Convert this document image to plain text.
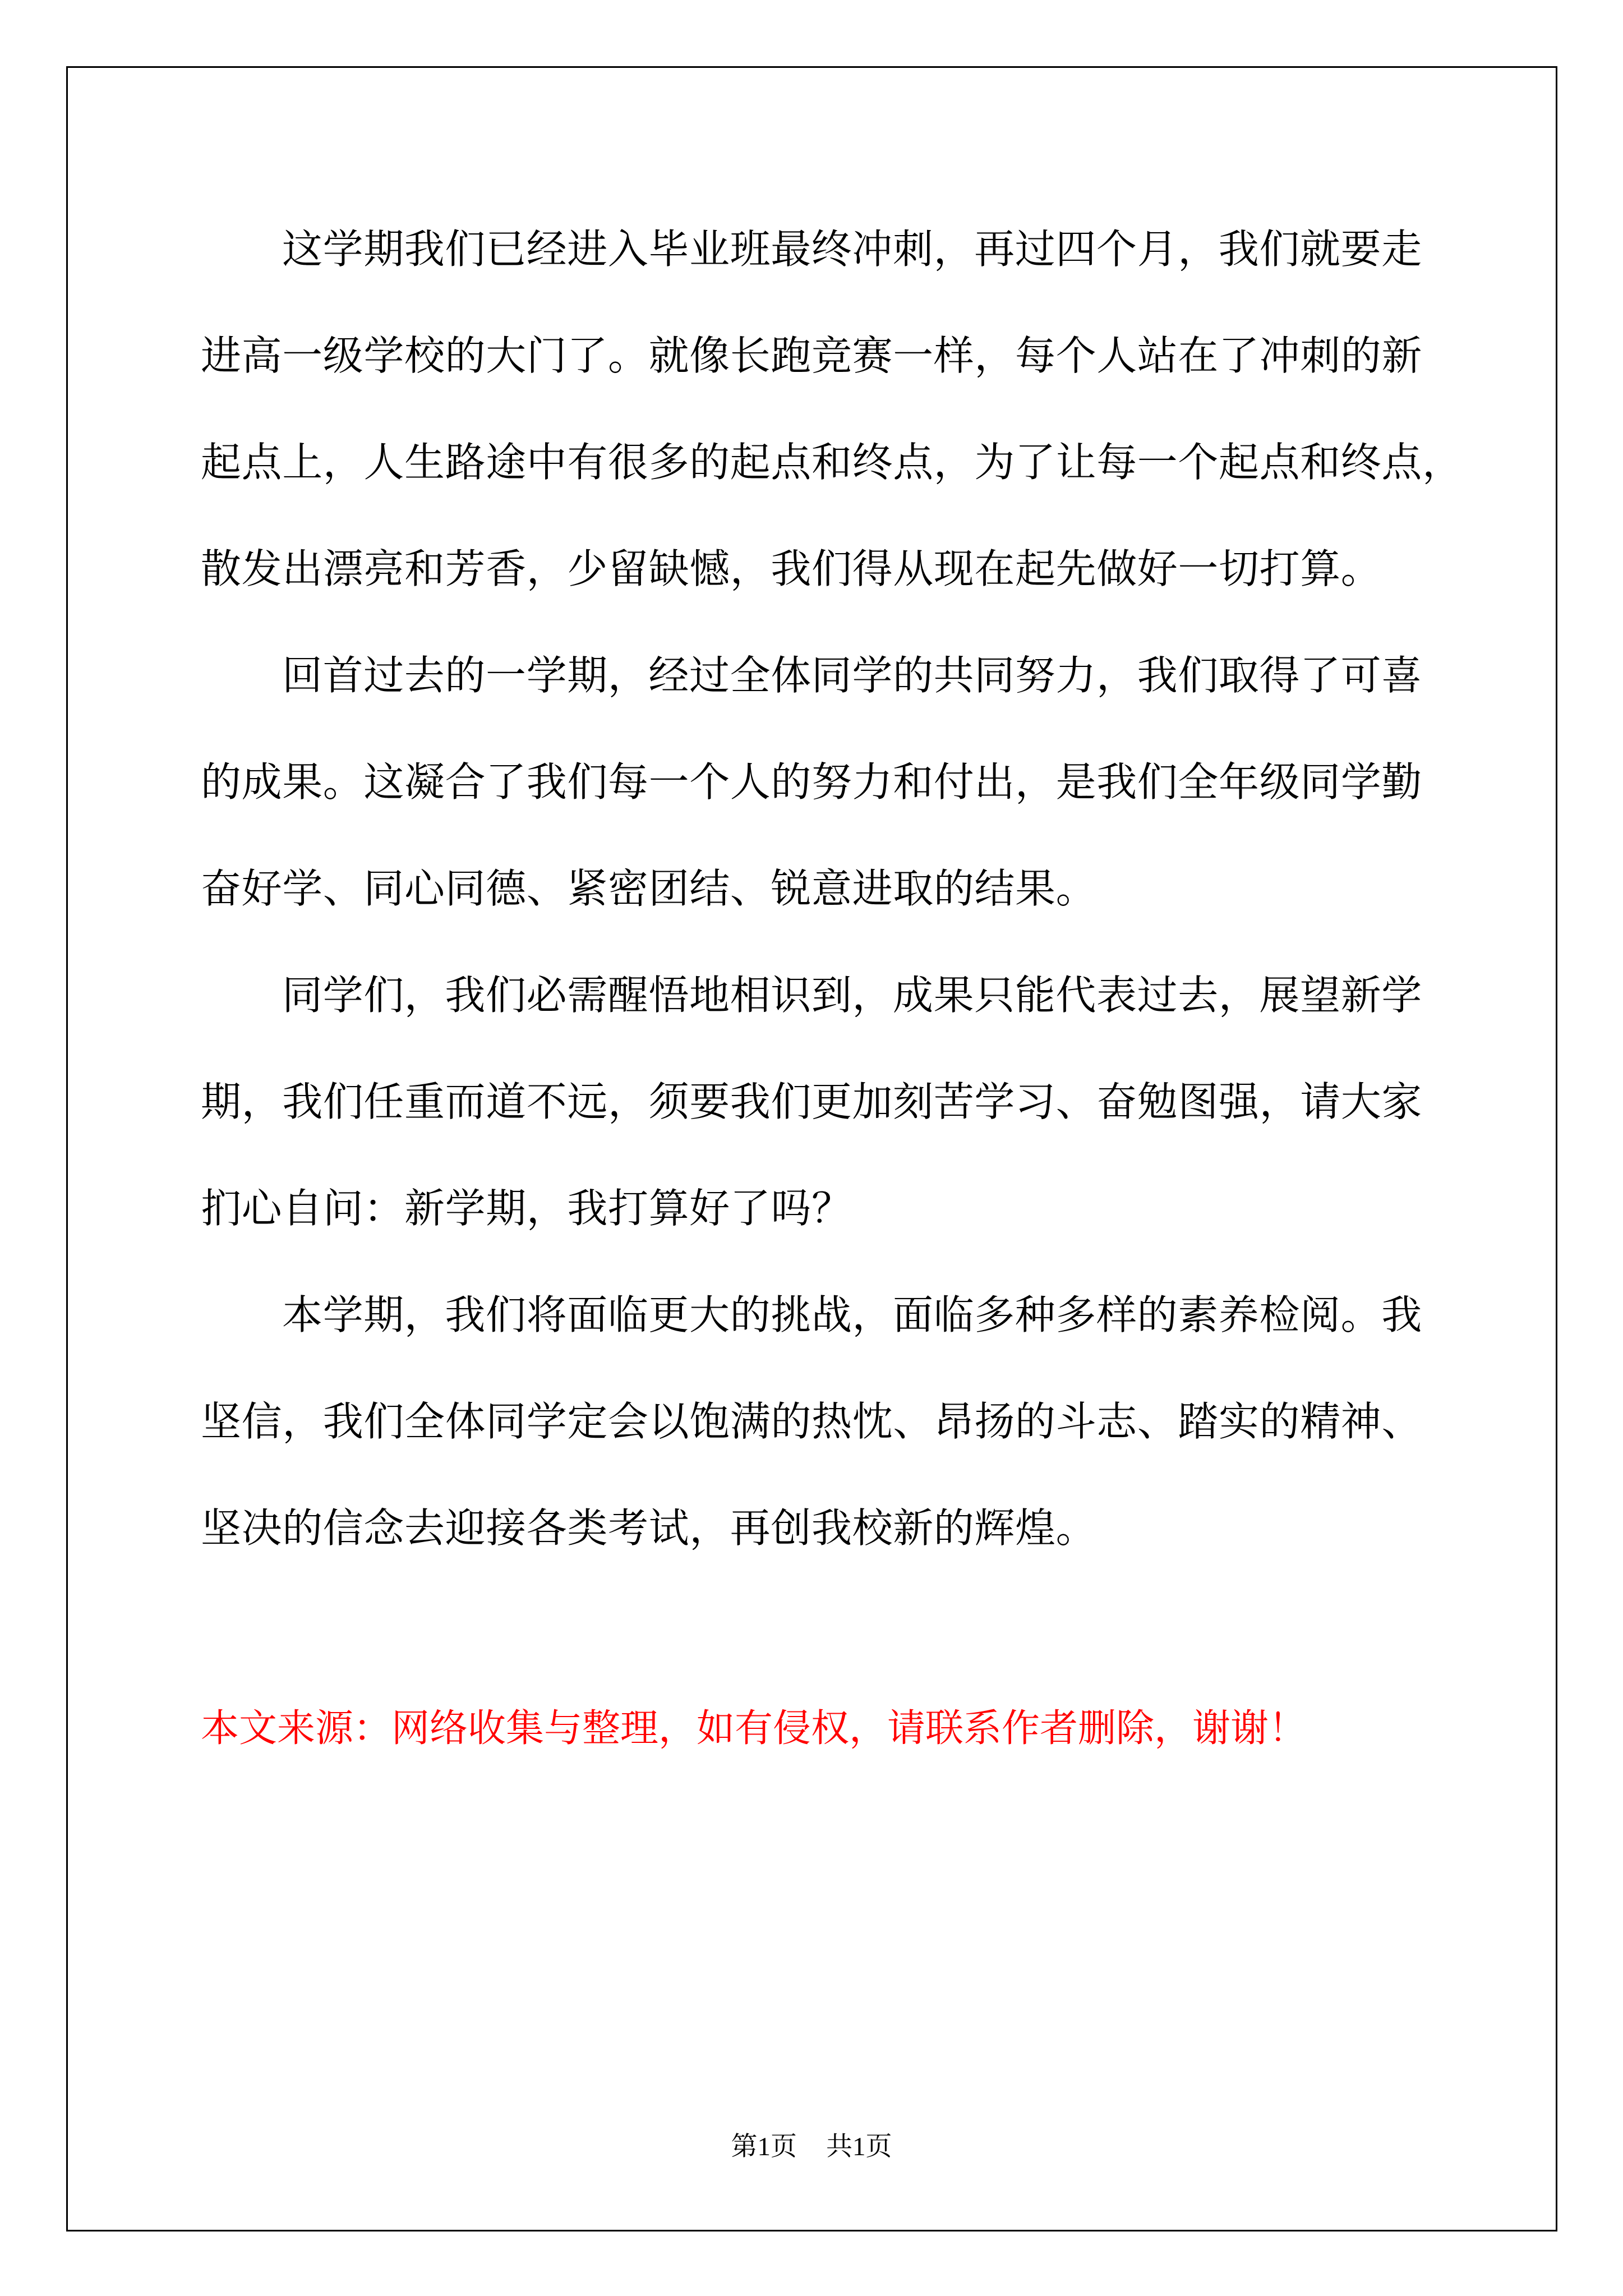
这学期我们已经进入毕业班最终冲刺，再过四个月，我们就要走
进高一级学校的大门了。就像长跑竞赛一样，每个人站在了冲刺的新
起点上，人生路途中有很多的起点和终点，为了让每一个起点和终点，
散发出漂亮和芳香，少留缺憾，我们得从现在起先做好一切打算。
回首过去的一学期，经过全体同学的共同努力，我们取得了可喜
的成果。这凝合了我们每一个人的努力和付出，是我们全年级同学勤
奋好学、同心同德、紧密团结、锐意进取的结果。
同学们，我们必需醒悟地相识到，成果只能代表过去，展望新学
期，我们任重而道不远，须要我们更加刻苦学习、奋勉图强，请大家
扪心自问：新学期，我打算好了吗？
本学期，我们将面临更大的挑战，面临多种多样的素养检阅。我
坚信，我们全体同学定会以饱满的热忱、昂扬的斗志、踏实的精神、
坚决的信念去迎接各类考试，再创我校新的辉煌。
本文来源：网络收集与整理，如有侵权，请联系作者删除，谢谢！
第1页 共1页
